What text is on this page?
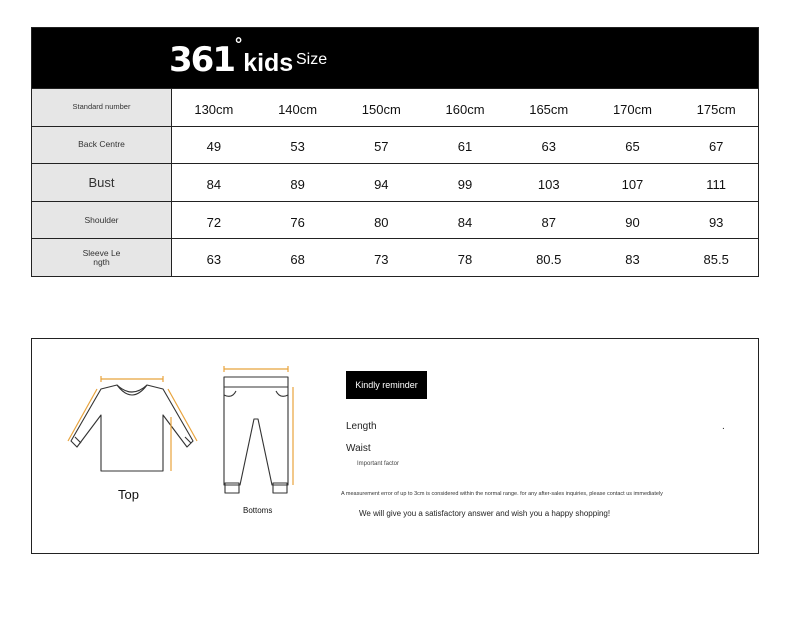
361 °
kids Size
Standard number	130cm	140cm	150cm	160cm	165cm	170cm	175cm
Back Centre	49	53	57	61	63	65	67
Bust	84	89	94	99	103	107	111
Shoulder	72	76	80	84	87	90	93
Sleeve Length	63	68	73	78	80.5	83	85.5
Top
Bottoms
Kindly reminder
Length	.
Waist
Important factor
A measurement error of up to 3cm is considered within the normal range. for any after-sales inquiries, please contact us immediately
We will give you a satisfactory answer and wish you a happy shopping!
